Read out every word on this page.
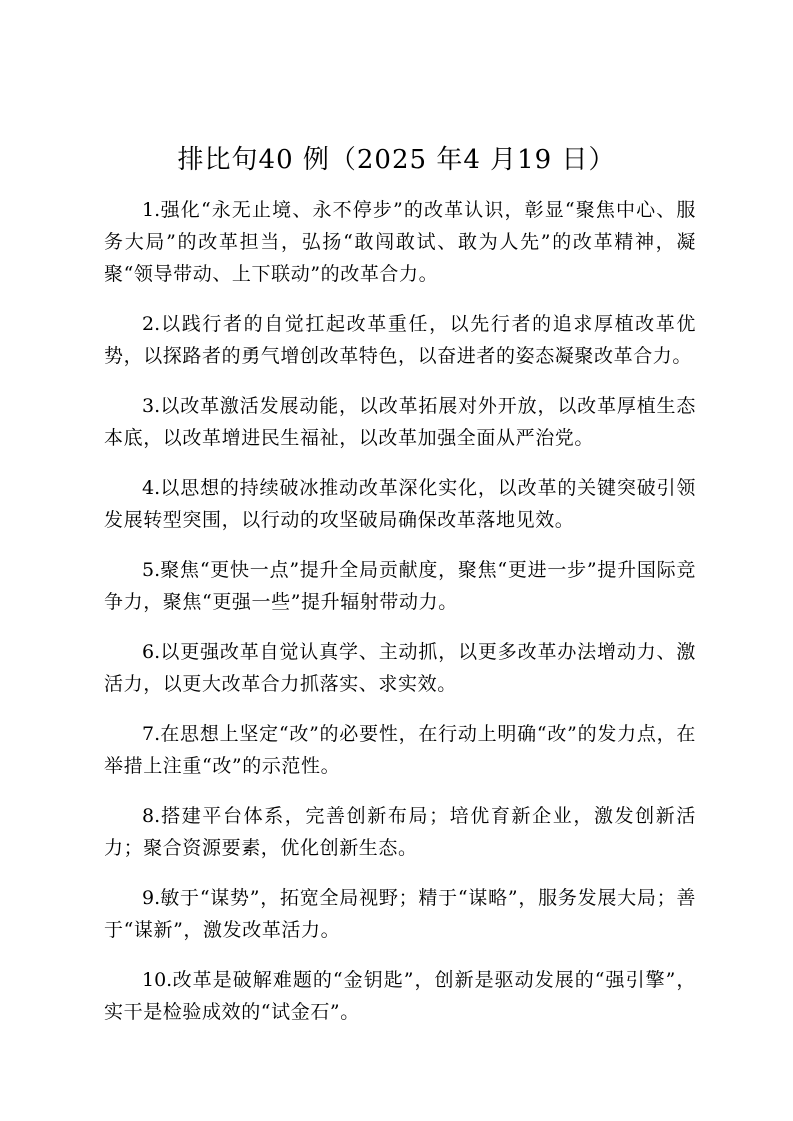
排比句40 例（2025 年4 月19 日）
1.强化“永无止境、永不停步”的改革认识，彰显“聚焦中心、服务大局”的改革担当，弘扬“敢闯敢试、敢为人先”的改革精神，凝聚“领导带动、上下联动”的改革合力。
2.以践行者的自觉扛起改革重任，以先行者的追求厚植改革优势，以探路者的勇气增创改革特色，以奋进者的姿态凝聚改革合力。
3.以改革激活发展动能，以改革拓展对外开放，以改革厚植生态本底，以改革增进民生福祉，以改革加强全面从严治党。
4.以思想的持续破冰推动改革深化实化，以改革的关键突破引领发展转型突围，以行动的攻坚破局确保改革落地见效。
5.聚焦“更快一点”提升全局贡献度，聚焦“更进一步”提升国际竞争力，聚焦“更强一些”提升辐射带动力。
6.以更强改革自觉认真学、主动抓，以更多改革办法增动力、激活力，以更大改革合力抓落实、求实效。
7.在思想上坚定“改”的必要性，在行动上明确“改”的发力点，在举措上注重“改”的示范性。
8.搭建平台体系，完善创新布局；培优育新企业，激发创新活力；聚合资源要素，优化创新生态。
9.敏于“谋势”，拓宽全局视野；精于“谋略”，服务发展大局；善于“谋新”，激发改革活力。
10.改革是破解难题的“金钥匙”，创新是驱动发展的“强引擎”，实干是检验成效的“试金石”。
